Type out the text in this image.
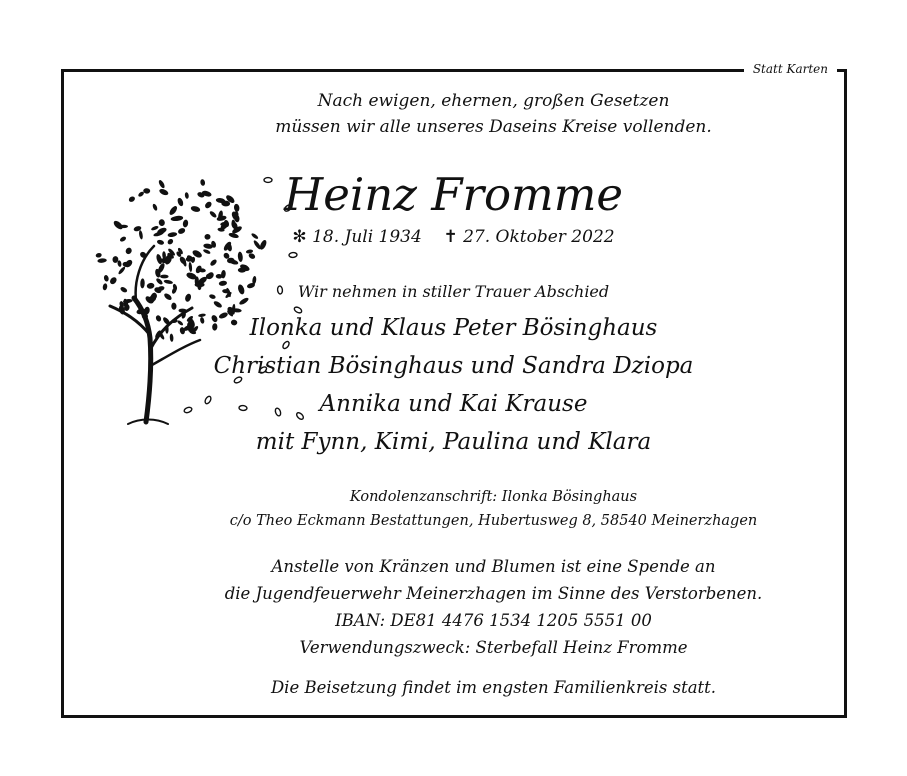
Statt Karten

Nach ewigen, ehernen, großen Gesetzen
müssen wir alle unseres Daseins Kreise vollenden.

Heinz Fromme
✻ 18. Juli 1934 ✝ 27. Oktober 2022
Wir nehmen in stiller Trauer Abschied
Ilonka und Klaus Peter Bösinghaus
Christian Bösinghaus und Sandra Dziopa
Annika und Kai Krause
mit Fynn, Kimi, Paulina und Klara
Kondolenzanschrift: Ilonka Bösinghaus
c/o Theo Eckmann Bestattungen, Hubertusweg 8, 58540 Meinerzhagen
Anstelle von Kränzen und Blumen ist eine Spende an
die Jugendfeuerwehr Meinerzhagen im Sinne des Verstorbenen.
IBAN: DE81 4476 1534 1205 5551 00
Verwendungszweck: Sterbefall Heinz Fromme
Die Beisetzung findet im engsten Familienkreis statt.
